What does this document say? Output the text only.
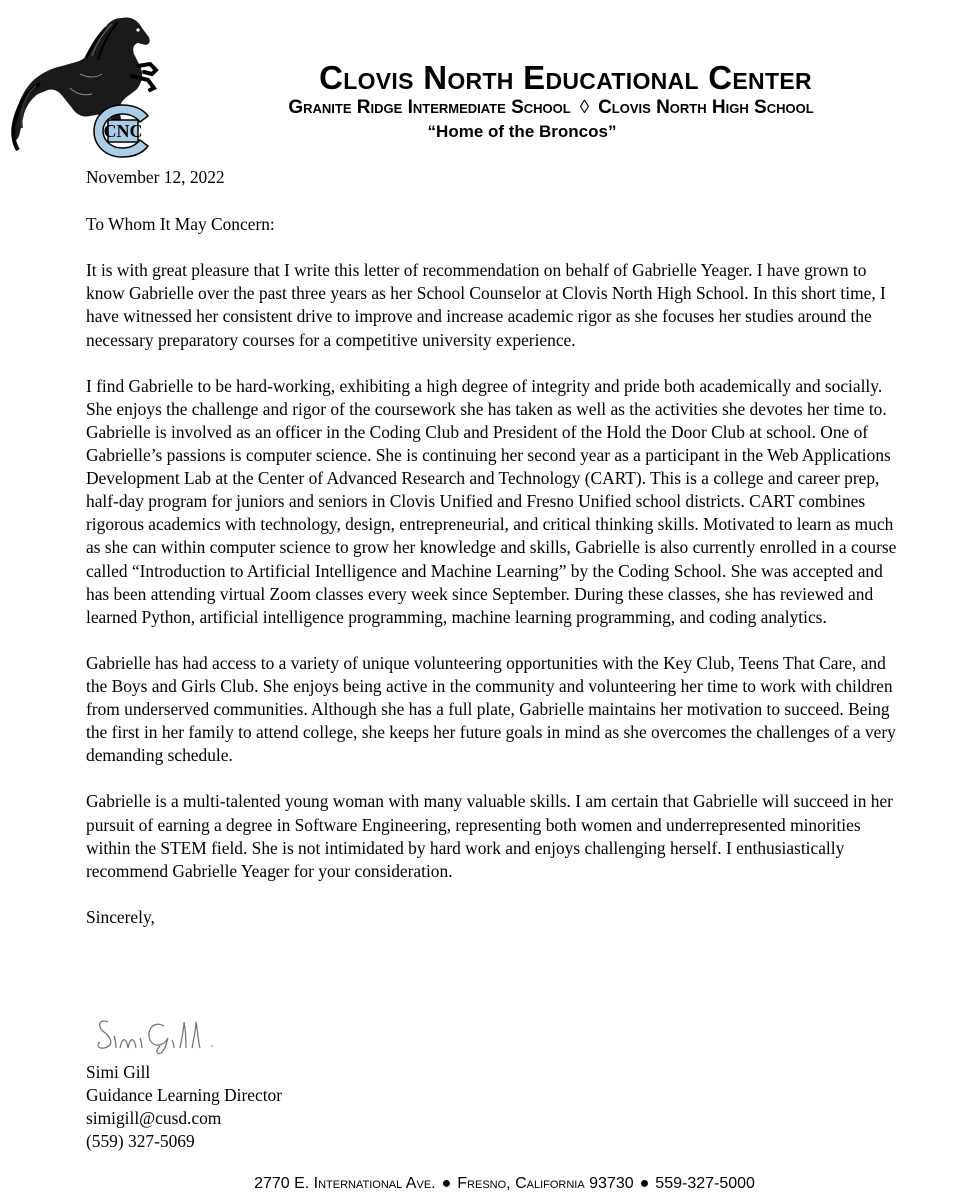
CNC
Clovis North Educational Center
Granite Ridge Intermediate School ◊ Clovis North High School
“Home of the Broncos”

November 12, 2022

To Whom It May Concern:

It is with great pleasure that I write this letter of recommendation on behalf of Gabrielle Yeager. I have grown to know Gabrielle over the past three years as her School Counselor at Clovis North High School. In this short time, I have witnessed her consistent drive to improve and increase academic rigor as she focuses her studies around the necessary preparatory courses for a competitive university experience.

I find Gabrielle to be hard-working, exhibiting a high degree of integrity and pride both academically and socially. She enjoys the challenge and rigor of the coursework she has taken as well as the activities she devotes her time to. Gabrielle is involved as an officer in the Coding Club and President of the Hold the Door Club at school. One of Gabrielle’s passions is computer science. She is continuing her second year as a participant in the Web Applications Development Lab at the Center of Advanced Research and Technology (CART). This is a college and career prep, half-day program for juniors and seniors in Clovis Unified and Fresno Unified school districts. CART combines rigorous academics with technology, design, entrepreneurial, and critical thinking skills. Motivated to learn as much as she can within computer science to grow her knowledge and skills, Gabrielle is also currently enrolled in a course called “Introduction to Artificial Intelligence and Machine Learning” by the Coding School. She was accepted and has been attending virtual Zoom classes every week since September. During these classes, she has reviewed and learned Python, artificial intelligence programming, machine learning programming, and coding analytics.

Gabrielle has had access to a variety of unique volunteering opportunities with the Key Club, Teens That Care, and the Boys and Girls Club. She enjoys being active in the community and volunteering her time to work with children from underserved communities. Although she has a full plate, Gabrielle maintains her motivation to succeed. Being the first in her family to attend college, she keeps her future goals in mind as she overcomes the challenges of a very demanding schedule.

Gabrielle is a multi-talented young woman with many valuable skills. I am certain that Gabrielle will succeed in her pursuit of earning a degree in Software Engineering, representing both women and underrepresented minorities within the STEM field. She is not intimidated by hard work and enjoys challenging herself. I enthusiastically recommend Gabrielle Yeager for your consideration.

Sincerely,

Simi Gill
Guidance Learning Director
simigill@cusd.com
(559) 327-5069
2770 E. International Ave. ● Fresno, California 93730 ● 559-327-5000
